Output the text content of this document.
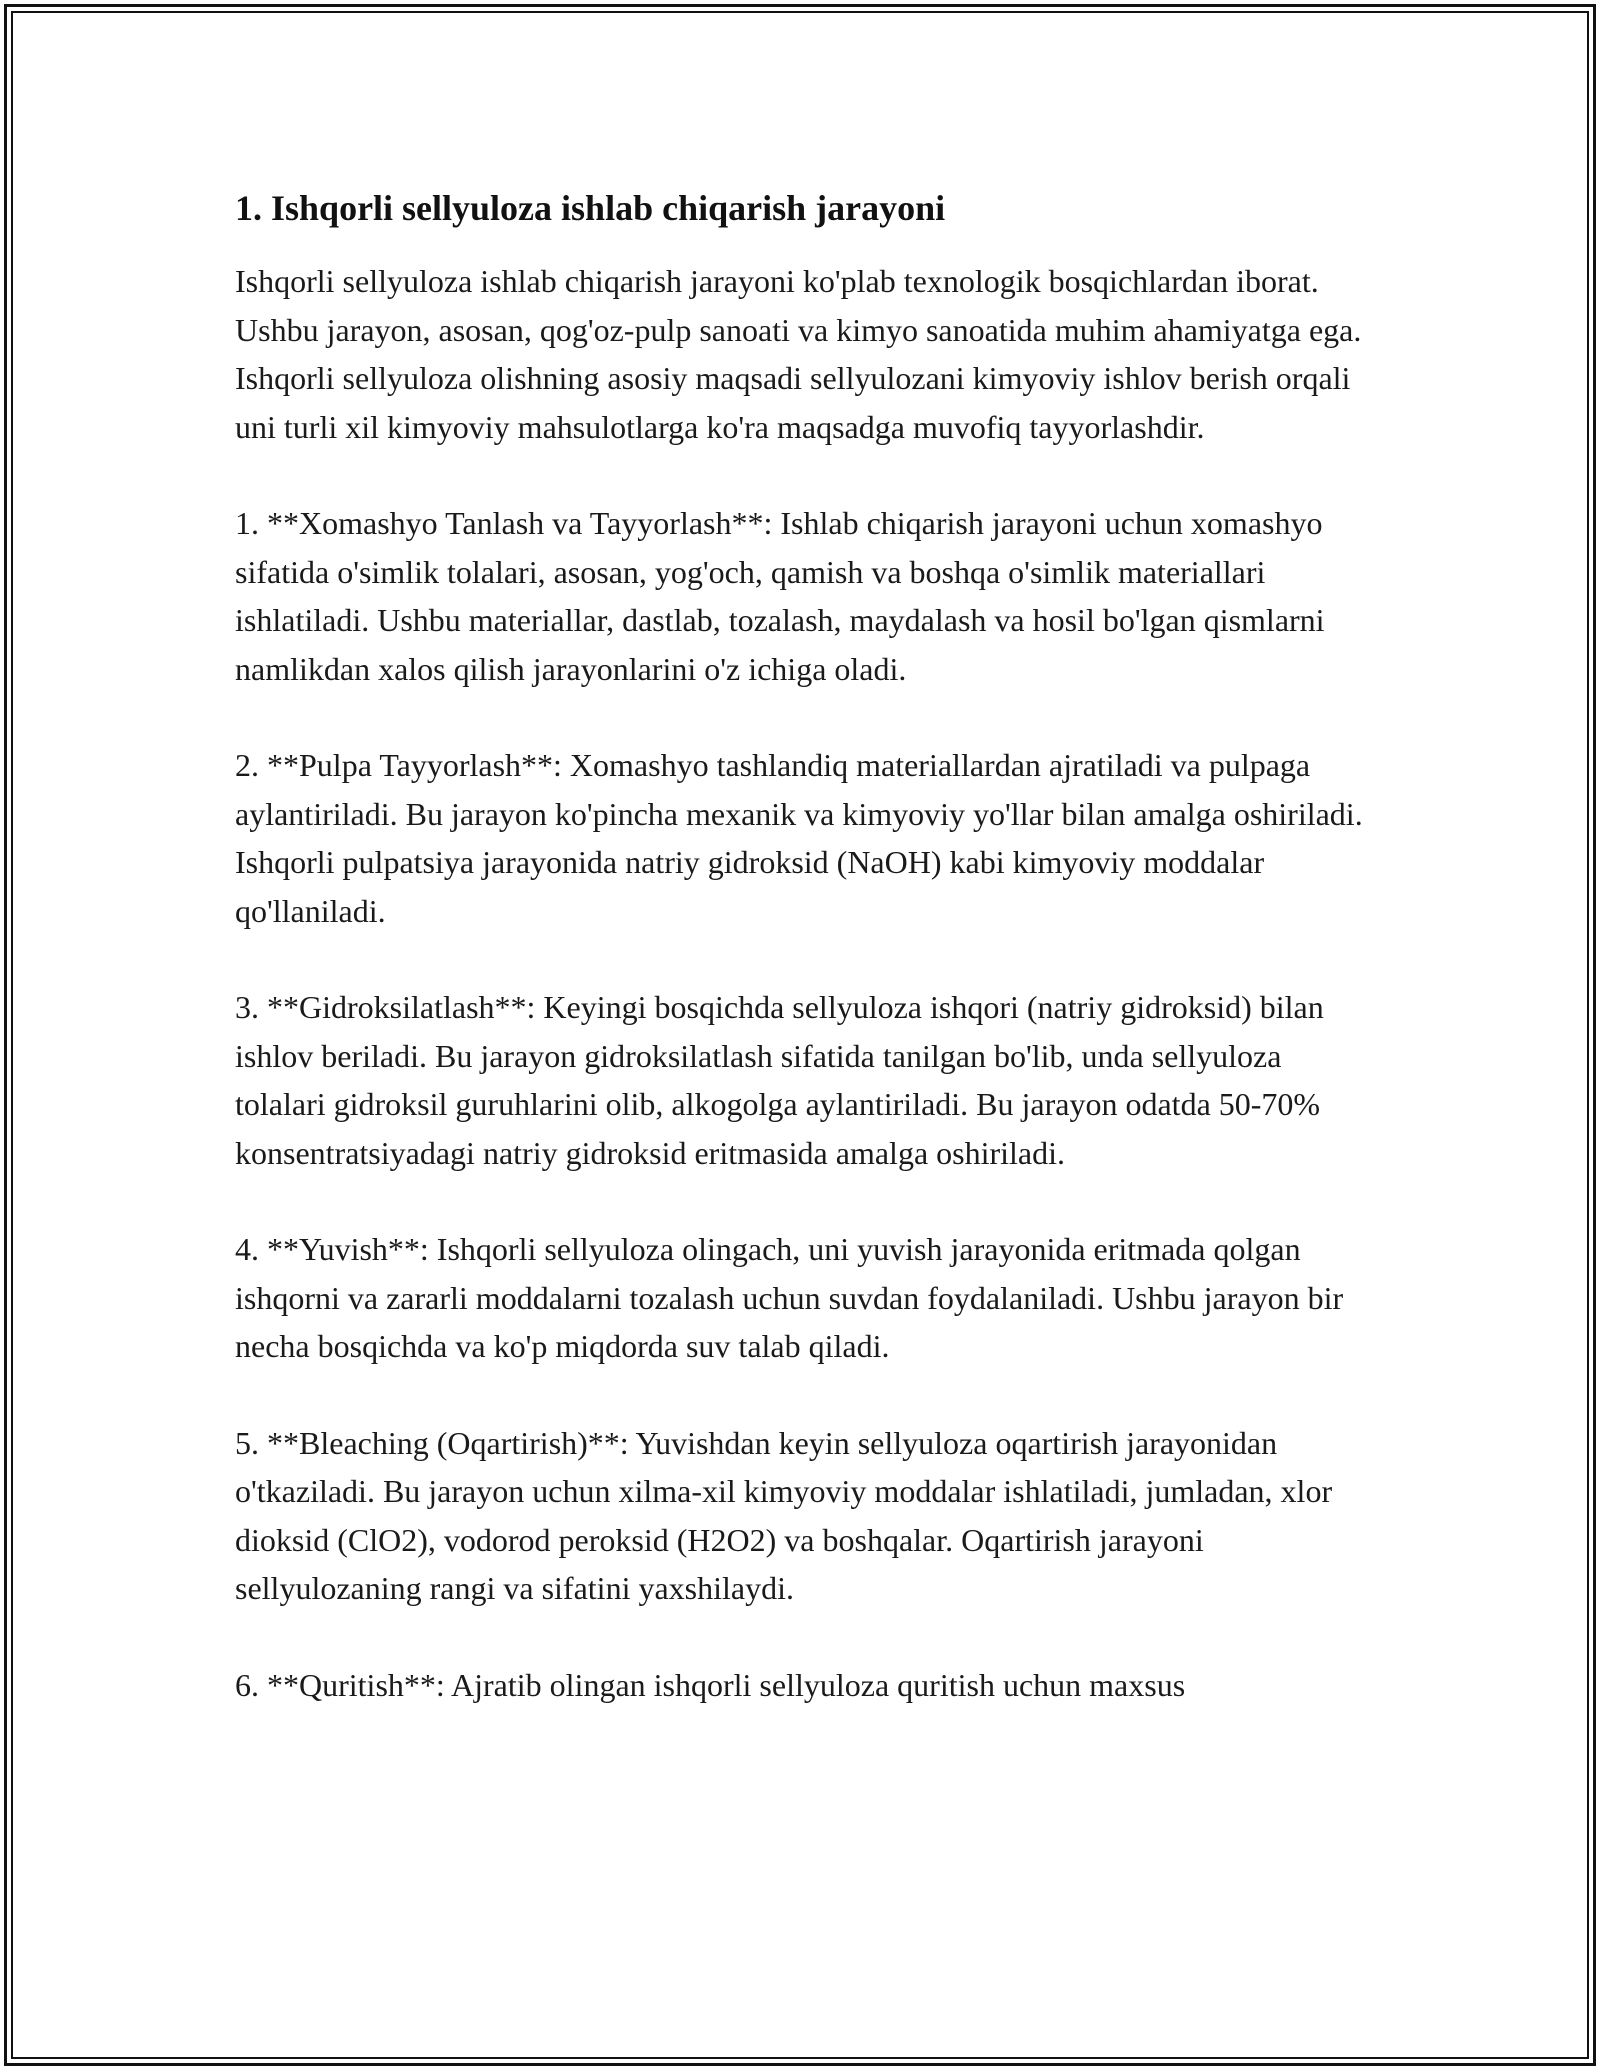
1. Ishqorli sellyuloza ishlab chiqarish jarayoni

Ishqorli sellyuloza ishlab chiqarish jarayoni ko'plab texnologik bosqichlardan iborat. Ushbu jarayon, asosan, qog'oz-pulp sanoati va kimyo sanoatida muhim ahamiyatga ega. Ishqorli sellyuloza olishning asosiy maqsadi sellyulozani kimyoviy ishlov berish orqali uni turli xil kimyoviy mahsulotlarga ko'ra maqsadga muvofiq tayyorlashdir.

1. **Xomashyo Tanlash va Tayyorlash**: Ishlab chiqarish jarayoni uchun xomashyo sifatida o'simlik tolalari, asosan, yog'och, qamish va boshqa o'simlik materiallari ishlatiladi. Ushbu materiallar, dastlab, tozalash, maydalash va hosil bo'lgan qismlarni namlikdan xalos qilish jarayonlarini o'z ichiga oladi.

2. **Pulpa Tayyorlash**: Xomashyo tashlandiq materiallardan ajratiladi va pulpaga aylantiriladi. Bu jarayon ko'pincha mexanik va kimyoviy yo'llar bilan amalga oshiriladi. Ishqorli pulpatsiya jarayonida natriy gidroksid (NaOH) kabi kimyoviy moddalar qo'llaniladi.

3. **Gidroksilatlash**: Keyingi bosqichda sellyuloza ishqori (natriy gidroksid) bilan ishlov beriladi. Bu jarayon gidroksilatlash sifatida tanilgan bo'lib, unda sellyuloza tolalari gidroksil guruhlarini olib, alkogolga aylantiriladi. Bu jarayon odatda 50-70% konsentratsiyadagi natriy gidroksid eritmasida amalga oshiriladi.

4. **Yuvish**: Ishqorli sellyuloza olingach, uni yuvish jarayonida eritmada qolgan ishqorni va zararli moddalarni tozalash uchun suvdan foydalaniladi. Ushbu jarayon bir necha bosqichda va ko'p miqdorda suv talab qiladi.

5. **Bleaching (Oqartirish)**: Yuvishdan keyin sellyuloza oqartirish jarayonidan o'tkaziladi. Bu jarayon uchun xilma-xil kimyoviy moddalar ishlatiladi, jumladan, xlor dioksid (ClO2), vodorod peroksid (H2O2) va boshqalar. Oqartirish jarayoni sellyulozaning rangi va sifatini yaxshilaydi.

6. **Quritish**: Ajratib olingan ishqorli sellyuloza quritish uchun maxsus
